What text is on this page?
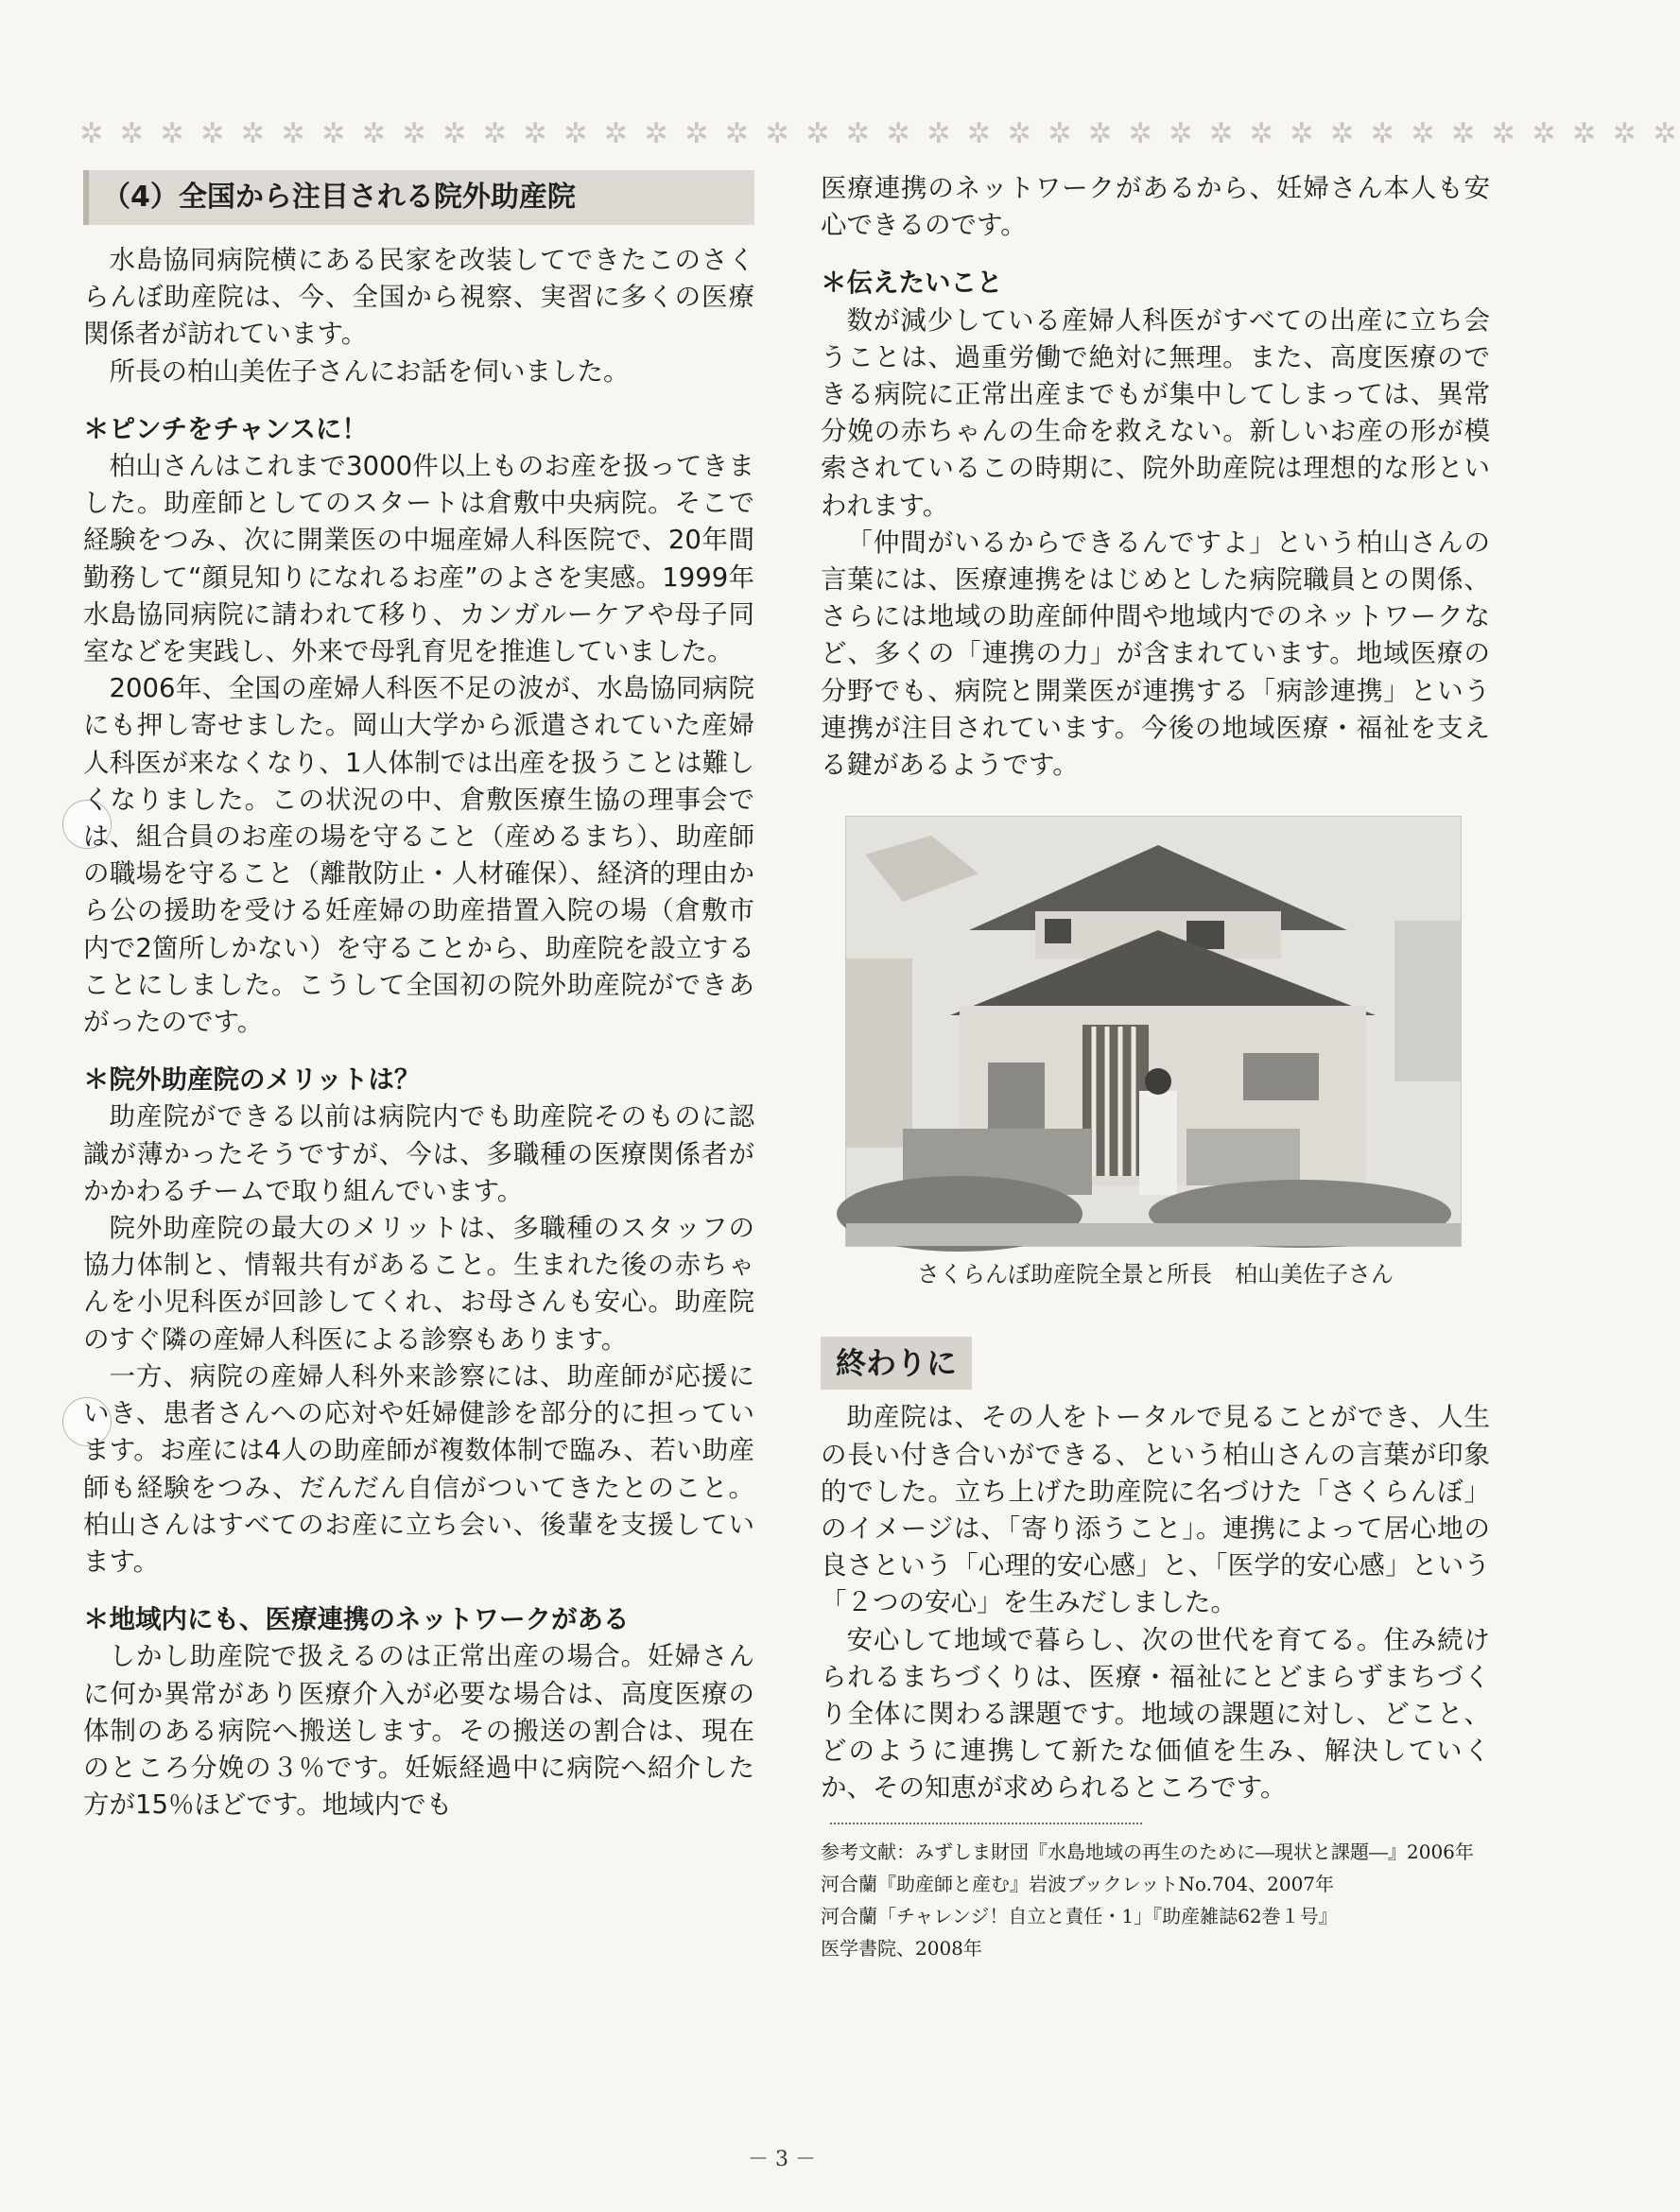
✲ ✲ ✲ ✲ ✲ ✲ ✲ ✲ ✲ ✲ ✲ ✲ ✲ ✲ ✲ ✲ ✲ ✲ ✲ ✲ ✲ ✲ ✲ ✲ ✲ ✲ ✲ ✲ ✲ ✲ ✲ ✲ ✲ ✲ ✲ ✲ ✲ ✲ ✲ ✲
（4）全国から注目される院外助産院

水島協同病院横にある民家を改装してできたこのさくらんぼ助産院は、今、全国から視察、実習に多くの医療関係者が訪れています。

所長の柏山美佐子さんにお話を伺いました。

＊ピンチをチャンスに！

柏山さんはこれまで3000件以上ものお産を扱ってきました。助産師としてのスタートは倉敷中央病院。そこで経験をつみ、次に開業医の中堀産婦人科医院で、20年間勤務して“顔見知りになれるお産”のよさを実感。1999年水島協同病院に請われて移り、カンガルーケアや母子同室などを実践し、外来で母乳育児を推進していました。

2006年、全国の産婦人科医不足の波が、水島協同病院にも押し寄せました。岡山大学から派遣されていた産婦人科医が来なくなり、1人体制では出産を扱うことは難しくなりました。この状況の中、倉敷医療生協の理事会では、組合員のお産の場を守ること（産めるまち）、助産師の職場を守ること（離散防止・人材確保）、経済的理由から公の援助を受ける妊産婦の助産措置入院の場（倉敷市内で2箇所しかない）を守ることから、助産院を設立することにしました。こうして全国初の院外助産院ができあがったのです。

＊院外助産院のメリットは？

助産院ができる以前は病院内でも助産院そのものに認識が薄かったそうですが、今は、多職種の医療関係者がかかわるチームで取り組んでいます。

院外助産院の最大のメリットは、多職種のスタッフの協力体制と、情報共有があること。生まれた後の赤ちゃんを小児科医が回診してくれ、お母さんも安心。助産院のすぐ隣の産婦人科医による診察もあります。

一方、病院の産婦人科外来診察には、助産師が応援にいき、患者さんへの応対や妊婦健診を部分的に担っています。お産には4人の助産師が複数体制で臨み、若い助産師も経験をつみ、だんだん自信がついてきたとのこと。柏山さんはすべてのお産に立ち会い、後輩を支援しています。

＊地域内にも、医療連携のネットワークがある

しかし助産院で扱えるのは正常出産の場合。妊婦さんに何か異常があり医療介入が必要な場合は、高度医療の体制のある病院へ搬送します。その搬送の割合は、現在のところ分娩の３％です。妊娠経過中に病院へ紹介した方が15％ほどです。地域内でも

医療連携のネットワークがあるから、妊婦さん本人も安心できるのです。

＊伝えたいこと

数が減少している産婦人科医がすべての出産に立ち会うことは、過重労働で絶対に無理。また、高度医療のできる病院に正常出産までもが集中してしまっては、異常分娩の赤ちゃんの生命を救えない。新しいお産の形が模索されているこの時期に、院外助産院は理想的な形といわれます。

「仲間がいるからできるんですよ」という柏山さんの言葉には、医療連携をはじめとした病院職員との関係、さらには地域の助産師仲間や地域内でのネットワークなど、多くの「連携の力」が含まれています。地域医療の分野でも、病院と開業医が連携する「病診連携」という連携が注目されています。今後の地域医療・福祉を支える鍵があるようです。

さくらんぼ助産院全景と所長　柏山美佐子さん

終わりに

助産院は、その人をトータルで見ることができ、人生の長い付き合いができる、という柏山さんの言葉が印象的でした。立ち上げた助産院に名づけた「さくらんぼ」のイメージは、「寄り添うこと」。連携によって居心地の良さという「心理的安心感」と、「医学的安心感」という「２つの安心」を生みだしました。

安心して地域で暮らし、次の世代を育てる。住み続けられるまちづくりは、医療・福祉にとどまらずまちづくり全体に関わる課題です。地域の課題に対し、どこと、どのように連携して新たな価値を生み、解決していくか、その知恵が求められるところです。

参考文献：みずしま財団『水島地域の再生のために―現状と課題―』2006年

河合蘭『助産師と産む』岩波ブックレットNo.704、2007年

河合蘭「チャレンジ！自立と責任・1」『助産雑誌62巻１号』

医学書院、2008年

－ 3 －
